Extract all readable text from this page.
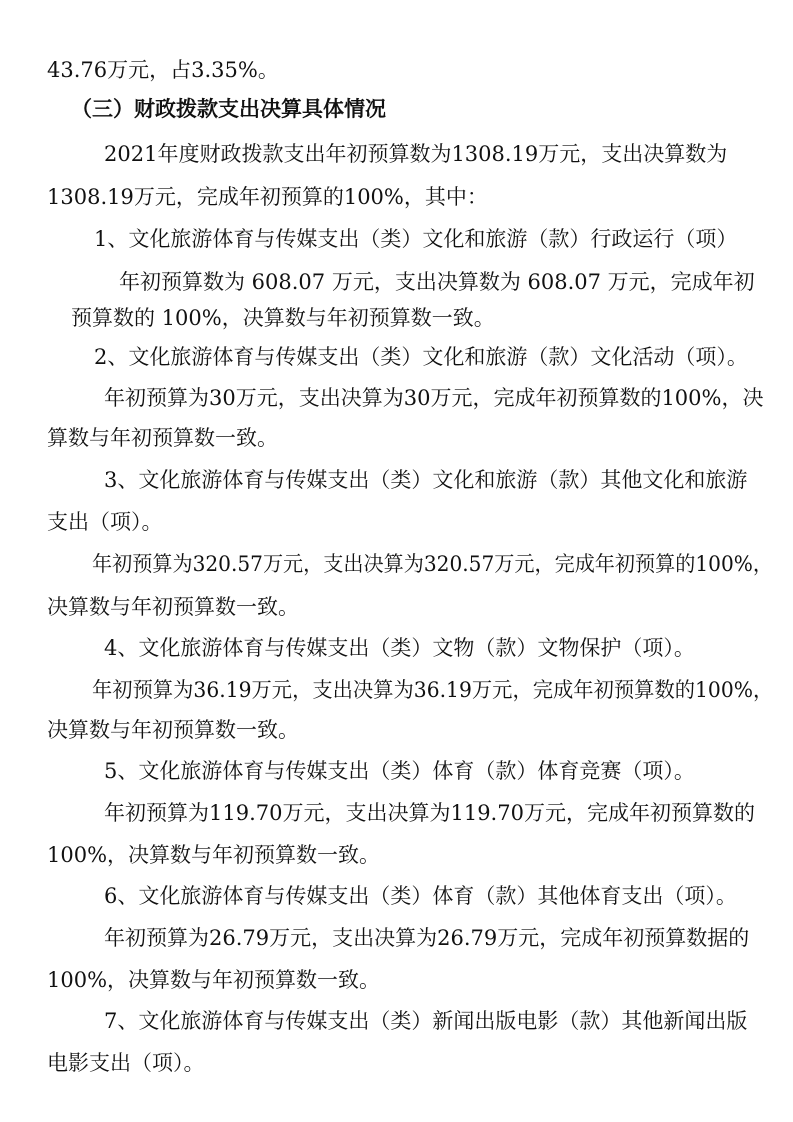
43.76万元，占3.35%。
（三）财政拨款支出决算具体情况
2021年度财政拨款支出年初预算数为1308.19万元，支出决算数为
1308.19万元，完成年初预算的100%，其中：
1、文化旅游体育与传媒支出（类）文化和旅游（款）行政运行（项）
年初预算数为 608.07 万元，支出决算数为 608.07 万元，完成年初
预算数的 100%，决算数与年初预算数一致。
2、文化旅游体育与传媒支出（类）文化和旅游（款）文化活动（项）。
年初预算为30万元，支出决算为30万元，完成年初预算数的100%，决
算数与年初预算数一致。
3、文化旅游体育与传媒支出（类）文化和旅游（款）其他文化和旅游
支出（项）。
年初预算为320.57万元，支出决算为320.57万元，完成年初预算的100%，
决算数与年初预算数一致。
4、文化旅游体育与传媒支出（类）文物（款）文物保护（项）。
年初预算为36.19万元，支出决算为36.19万元，完成年初预算数的100%，
决算数与年初预算数一致。
5、文化旅游体育与传媒支出（类）体育（款）体育竞赛（项）。
年初预算为119.70万元，支出决算为119.70万元，完成年初预算数的
100%，决算数与年初预算数一致。
6、文化旅游体育与传媒支出（类）体育（款）其他体育支出（项）。
年初预算为26.79万元，支出决算为26.79万元，完成年初预算数据的
100%，决算数与年初预算数一致。
7、文化旅游体育与传媒支出（类）新闻出版电影（款）其他新闻出版
电影支出（项）。
